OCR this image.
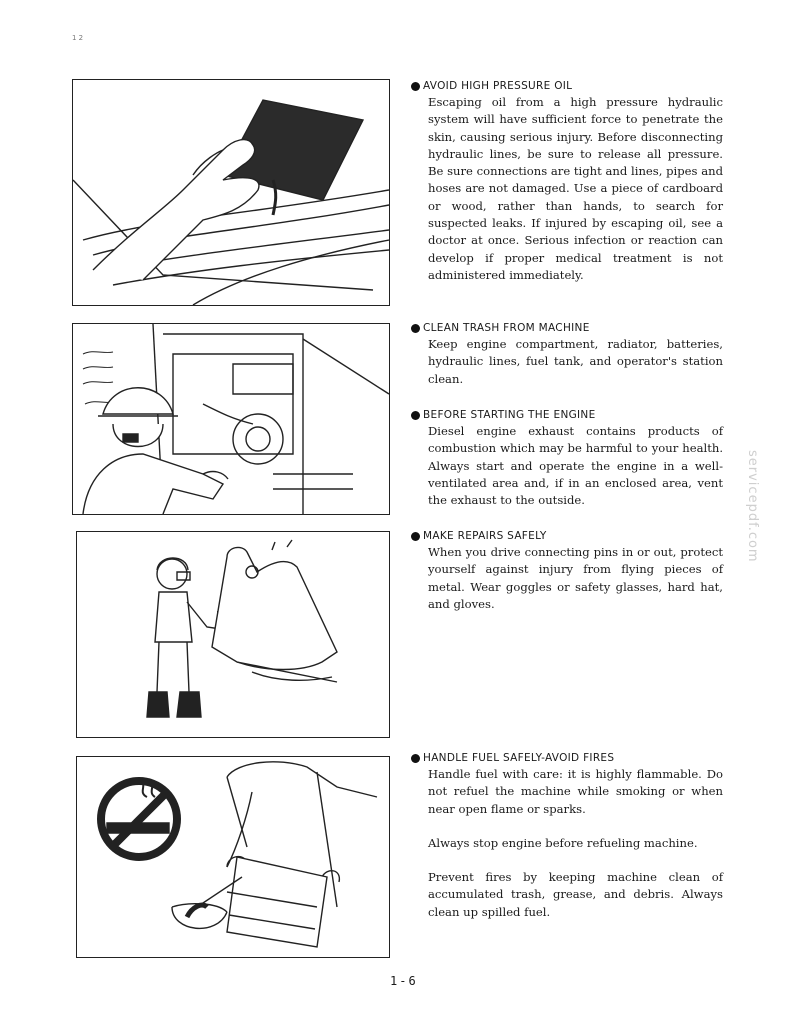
1 2
servicepdf.com
AVOID HIGH PRESSURE OIL

Escaping oil from a high pressure hydraulic system will have sufficient force to penetrate the skin, causing serious injury. Before disconnecting hydraulic lines, be sure to release all pressure. Be sure connections are tight and lines, pipes and hoses are not damaged. Use a piece of cardboard or wood, rather than hands, to search for suspected leaks. If injured by escaping oil, see a doctor at once. Serious infection or reaction can develop if proper medical treatment is not administered immediately.

CLEAN TRASH FROM MACHINE

Keep engine compartment, radiator, batteries, hydraulic lines, fuel tank, and operator's station clean.

BEFORE STARTING THE ENGINE

Diesel engine exhaust contains products of combustion which may be harmful to your health. Always start and operate the engine in a well-ventilated area and, if in an enclosed area, vent the exhaust to the outside.

MAKE REPAIRS SAFELY

When you drive connecting pins in or out, protect yourself against injury from flying pieces of metal. Wear goggles or safety glasses, hard hat, and gloves.

HANDLE FUEL SAFELY-AVOID FIRES

Handle fuel with care: it is highly flammable. Do not refuel the machine while smoking or when near open flame or sparks.

Always stop engine before refueling machine.

Prevent fires by keeping machine clean of accumulated trash, grease, and debris. Always clean up spilled fuel.

1-6
